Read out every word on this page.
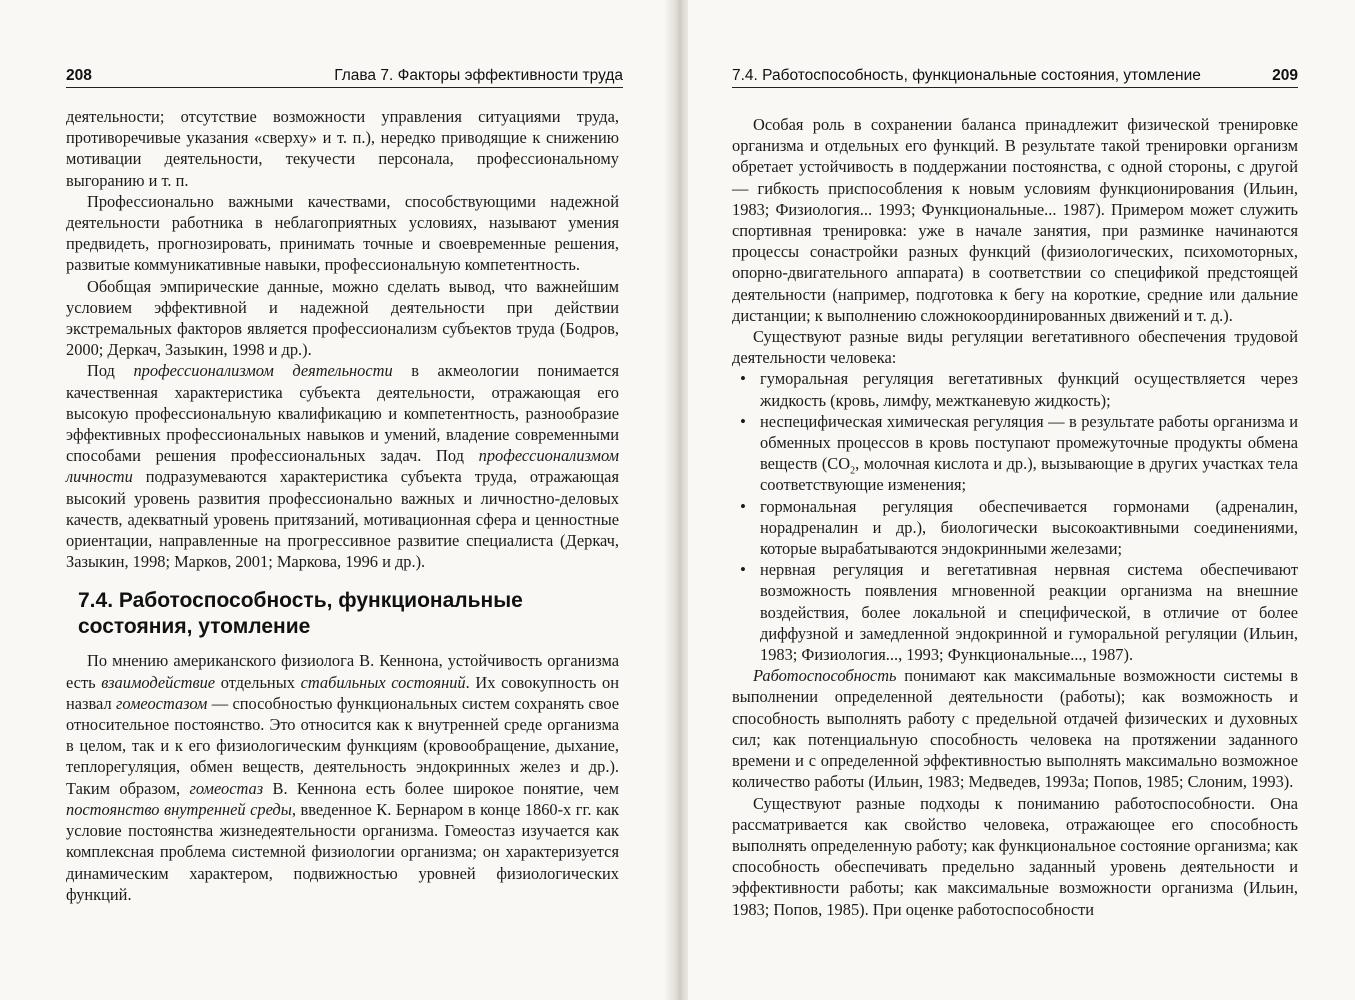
208	Глава 7. Факторы эффективности труда

деятельности; отсутствие возможности управления ситуациями труда, противоречивые указания «сверху» и т. п.), нередко приводящие к снижению мотивации деятельности, текучести персонала, профессиональному выгоранию и т. п.

Профессионально важными качествами, способствующими надежной деятельности работника в неблагоприятных условиях, называют умения предвидеть, прогнозировать, принимать точные и своевременные решения, развитые коммуникативные навыки, профессиональную компетентность.

Обобщая эмпирические данные, можно сделать вывод, что важнейшим условием эффективной и надежной деятельности при действии экстремальных факторов является профессионализм субъектов труда (Бодров, 2000; Деркач, Зазыкин, 1998 и др.).

Под профессионализмом деятельности в акмеологии понимается качественная характеристика субъекта деятельности, отражающая его высокую профессиональную квалификацию и компетентность, разнообразие эффективных профессиональных навыков и умений, владение современными способами решения профессиональных задач. Под профессионализмом личности подразумеваются характеристика субъекта труда, отражающая высокий уровень развития профессионально важных и личностно-деловых качеств, адекватный уровень притязаний, мотивационная сфера и ценностные ориентации, направленные на прогрессивное развитие специалиста (Деркач, Зазыкин, 1998; Марков, 2001; Маркова, 1996 и др.).

7.4. Работоспособность, функциональные состояния, утомление

По мнению американского физиолога В. Кеннона, устойчивость организма есть взаимодействие отдельных стабильных состояний. Их совокупность он назвал гомеостазом — способностью функциональных систем сохранять свое относительное постоянство. Это относится как к внутренней среде организма в целом, так и к его физиологическим функциям (кровообращение, дыхание, теплорегуляция, обмен веществ, деятельность эндокринных желез и др.). Таким образом, гомеостаз В. Кеннона есть более широкое понятие, чем постоянство внутренней среды, введенное К. Бернаром в конце 1860-х гг. как условие постоянства жизнедеятельности организма. Гомеостаз изучается как комплексная проблема системной физиологии организма; он характеризуется динамическим характером, подвижностью уровней физиологических функций.

7.4. Работоспособность, функциональные состояния, утомление	209

Особая роль в сохранении баланса принадлежит физической тренировке организма и отдельных его функций. В результате такой тренировки организм обретает устойчивость в поддержании постоянства, с одной стороны, с другой — гибкость приспособления к новым условиям функционирования (Ильин, 1983; Физиология... 1993; Функциональные... 1987). Примером может служить спортивная тренировка: уже в начале занятия, при разминке начинаются процессы сонастройки разных функций (физиологических, психомоторных, опорно-двигательного аппарата) в соответствии со спецификой предстоящей деятельности (например, подготовка к бегу на короткие, средние или дальние дистанции; к выполнению сложнокоординированных движений и т. д.).

Существуют разные виды регуляции вегетативного обеспечения трудовой деятельности человека:

• гуморальная регуляция вегетативных функций осуществляется через жидкость (кровь, лимфу, межтканевую жидкость);
• неспецифическая химическая регуляция — в результате работы организма и обменных процессов в кровь поступают промежуточные продукты обмена веществ ($CO_2$, молочная кислота и др.), вызывающие в других участках тела соответствующие изменения;
• гормональная регуляция обеспечивается гормонами (адреналин, норадреналин и др.), биологически высокоактивными соединениями, которые вырабатываются эндокринными железами;
• нервная регуляция и вегетативная нервная система обеспечивают возможность появления мгновенной реакции организма на внешние воздействия, более локальной и специфической, в отличие от более диффузной и замедленной эндокринной и гуморальной регуляции (Ильин, 1983; Физиология..., 1993; Функциональные..., 1987).

Работоспособность понимают как максимальные возможности системы в выполнении определенной деятельности (работы); как возможность и способность выполнять работу с предельной отдачей физических и духовных сил; как потенциальную способность человека на протяжении заданного времени и с определенной эффективностью выполнять максимально возможное количество работы (Ильин, 1983; Медведев, 1993а; Попов, 1985; Слоним, 1993).

Существуют разные подходы к пониманию работоспособности. Она рассматривается как свойство человека, отражающее его способность выполнять определенную работу; как функциональное состояние организма; как способность обеспечивать предельно заданный уровень деятельности и эффективности работы; как максимальные возможности организма (Ильин, 1983; Попов, 1985). При оценке работоспособности
